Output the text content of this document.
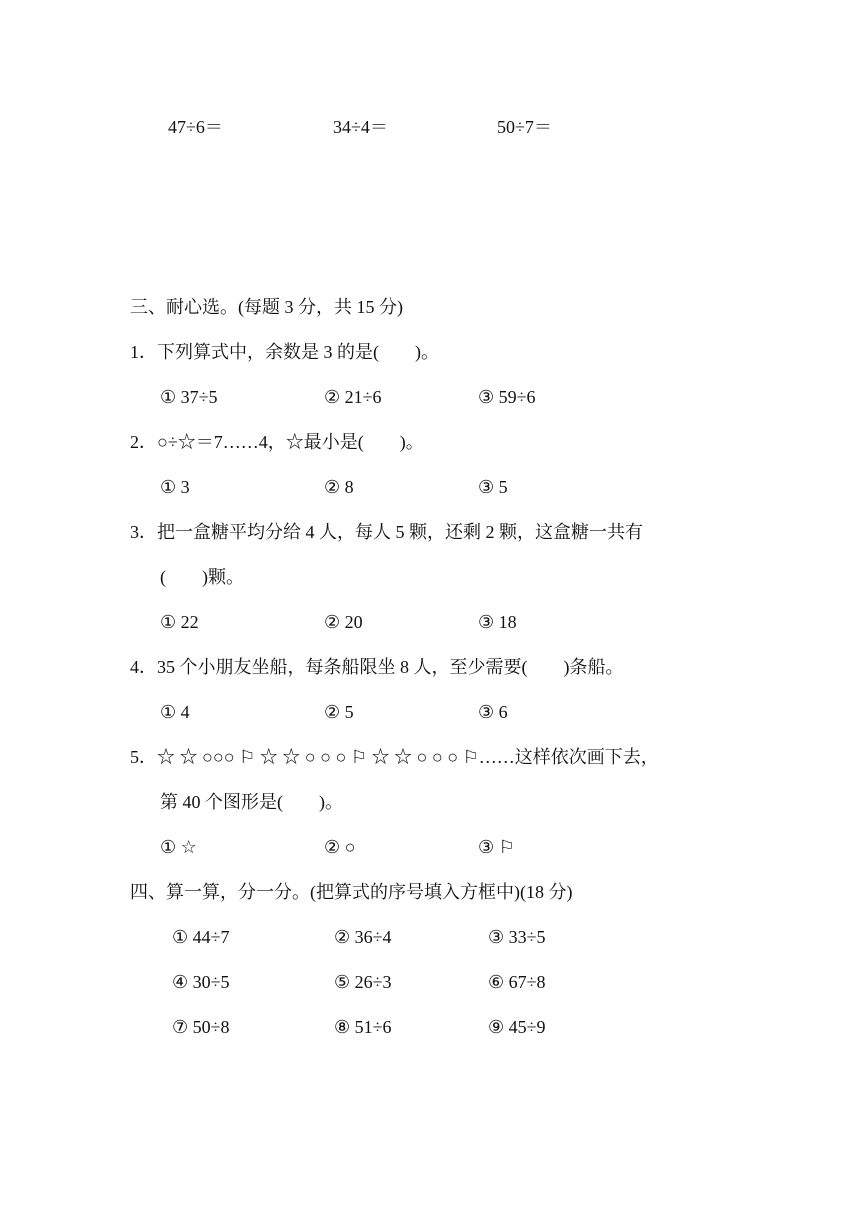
47÷6＝	34÷4＝	50÷7＝
三、耐心选。(每题 3 分，共 15 分)
1．下列算式中，余数是 3 的是(　　)。
① 37÷5	② 21÷6	③ 59÷6
2．○÷☆＝7……4，☆最小是(　　)。
① 3	② 8	③ 5
3．把一盒糖平均分给 4 人，每人 5 颗，还剩 2 颗，这盒糖一共有
(　　)颗。
① 22	② 20	③ 18
4．35 个小朋友坐船，每条船限坐 8 人，至少需要(　　)条船。
① 4	② 5	③ 6
5．☆ ☆ ○○○ ⚐ ☆ ☆ ○ ○ ○ ⚐ ☆ ☆ ○ ○ ○ ⚐……这样依次画下去，
第 40 个图形是(　　)。
① ☆	② ○	③ ⚐
四、算一算，分一分。(把算式的序号填入方框中)(18 分)
① 44÷7	② 36÷4	③ 33÷5
④ 30÷5	⑤ 26÷3	⑥ 67÷8
⑦ 50÷8	⑧ 51÷6	⑨ 45÷9
